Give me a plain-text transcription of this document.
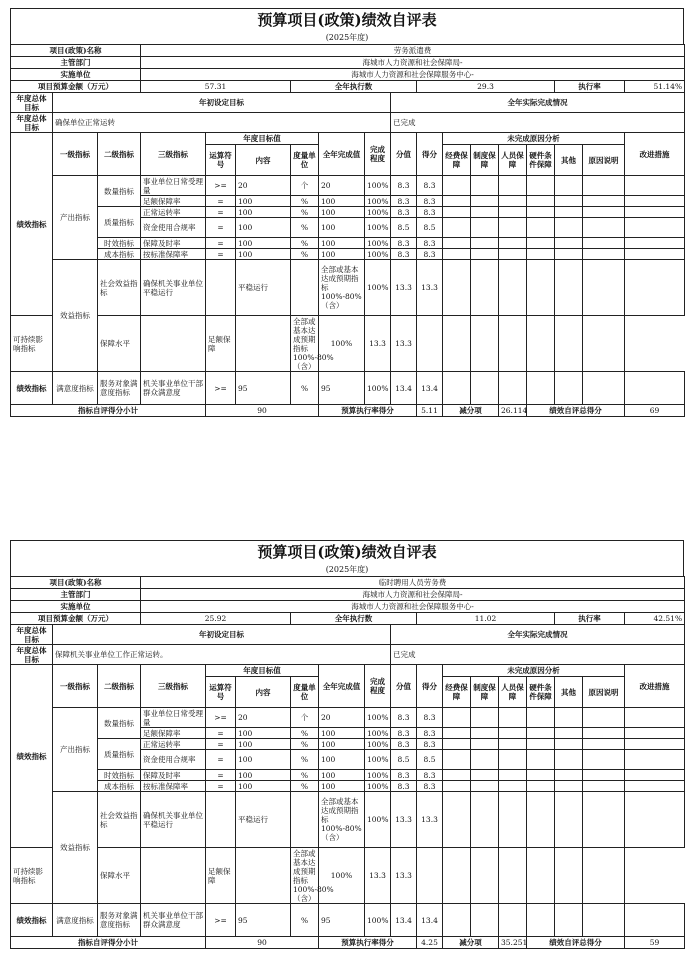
预算项目(政策)绩效自评表
(2025年度)
项目(政策)名称			劳务派遣费														
主管部门			海城市人力资源和社会保障局-														
实施单位			海城市人力资源和社会保障服务中心-														
项目预算金额（万元）			57.31			全年执行数				29.3					执行率		51.14%
年度总体目标	年初设定目标								全年实际完成情况								
年度总体目标	确保单位正常运转								已完成								
绩效指标	一级指标	二级指标	三级指标	年度目标值			全年完成值	完成程度	分值	得分	未完成原因分析						改进措施
				运算符号	内容	度量单位					经费保障	制度保障	人员保障	硬件条件保障	其他	原因说明	

	产出指标	数量指标	事业单位日常受理量	>=	20	个	20	100%	8.3	8.3							
			足额保障率	=	100	%	100	100%	8.3	8.3							
		质量指标	正常运转率	=	100	%	100	100%	8.3	8.3							
			资金使用合规率	=	100	%	100	100%	8.5	8.5							
		时效指标	保障及时率	=	100	%	100	100%	8.3	8.3							
		成本指标	按标准保障率	=	100	%	100	100%	8.3	8.3							
	效益指标	社会效益指标	确保机关事业单位平稳运行		平稳运行		全部或基本达成预期指标100%-80%（含）	100%	13.3	13.3							
可持续影响指标		保障水平		足额保障		全部或基本达成预期指标100%-80%（含）	100%	13.3	13.3								
绩效指标	满意度指标	服务对象满意度指标	机关事业单位干部群众满意度	>=	95	%	95	100%	13.4	13.4							
指标自评得分小计				90			预算执行率得分			5.11	减分项		26.114	绩效自评总得分			69
预算项目(政策)绩效自评表
(2025年度)
项目(政策)名称			临时聘用人员劳务费														
主管部门			海城市人力资源和社会保障局-														
实施单位			海城市人力资源和社会保障服务中心-														
项目预算金额（万元）			25.92			全年执行数				11.02					执行率		42.51%
年度总体目标	年初设定目标								全年实际完成情况								
年度总体目标	保障机关事业单位工作正常运转。								已完成								
绩效指标	一级指标	二级指标	三级指标	年度目标值			全年完成值	完成程度	分值	得分	未完成原因分析						改进措施
				运算符号	内容	度量单位					经费保障	制度保障	人员保障	硬件条件保障	其他	原因说明	

	产出指标	数量指标	事业单位日常受理量	>=	20	个	20	100%	8.3	8.3							
			足额保障率	=	100	%	100	100%	8.3	8.3							
		质量指标	正常运转率	=	100	%	100	100%	8.3	8.3							
			资金使用合规率	=	100	%	100	100%	8.5	8.5							
		时效指标	保障及时率	=	100	%	100	100%	8.3	8.3							
		成本指标	按标准保障率	=	100	%	100	100%	8.3	8.3							
	效益指标	社会效益指标	确保机关事业单位平稳运行		平稳运行		全部或基本达成预期指标100%-80%（含）	100%	13.3	13.3							
可持续影响指标		保障水平		足额保障		全部或基本达成预期指标100%-80%（含）	100%	13.3	13.3								
绩效指标	满意度指标	服务对象满意度指标	机关事业单位干部群众满意度	>=	95	%	95	100%	13.4	13.4							
指标自评得分小计				90			预算执行率得分			4.25	减分项		35.251	绩效自评总得分			59
